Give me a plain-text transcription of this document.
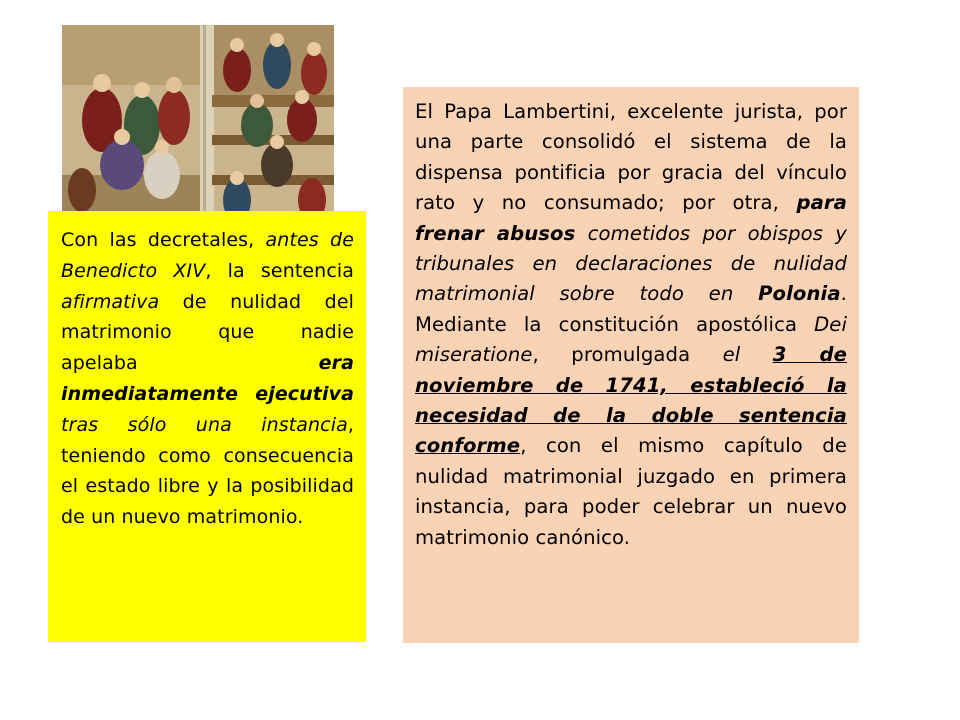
Con las decretales, antes de Benedicto XIV, la sentencia afirmativa de nulidad del matrimonio que nadie apelaba era inmediatamente ejecutiva tras sólo una instancia, teniendo como consecuencia el estado libre y la posibilidad de un nuevo matrimonio.

El Papa Lambertini, excelente jurista, por una parte consolidó el sistema de la dispensa pontificia por gracia del vínculo rato y no consumado; por otra, para frenar abusos cometidos por obispos y tribunales en declaraciones de nulidad matrimonial sobre todo en Polonia. Mediante la constitución apostólica Dei miseratione, promulgada el 3 de noviembre de 1741, estableció la necesidad de la doble sentencia conforme, con el mismo capítulo de nulidad matrimonial juzgado en primera instancia, para poder celebrar un nuevo matrimonio canónico.
